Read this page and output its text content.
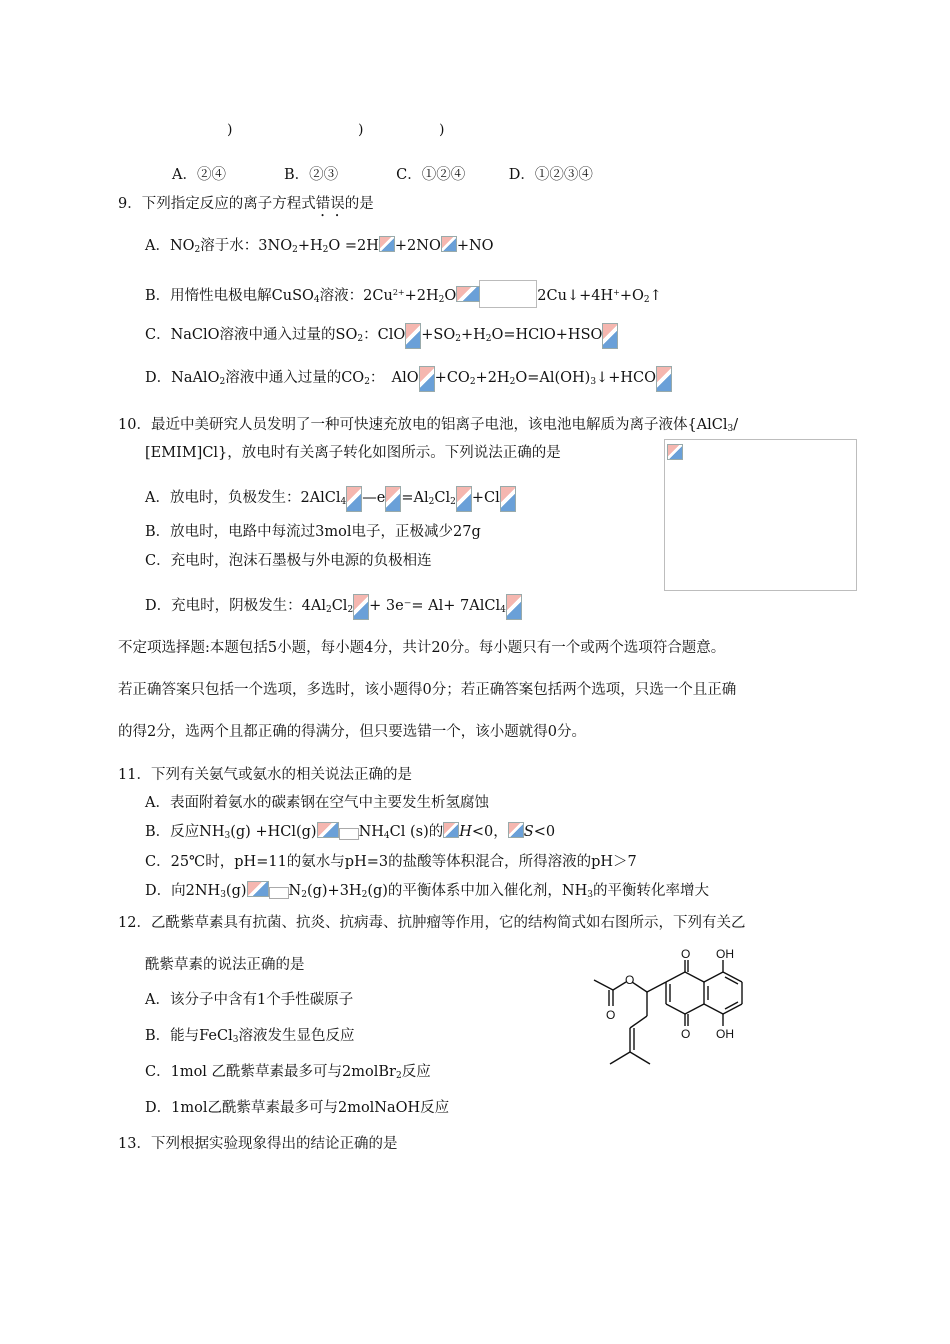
)	)	)
A．②④　　　　B．②③　　　　C．①②④　　　D．①②③④
9．下列指定反应的离子方程式错误的是
A．$NO_2$溶于水：$3NO_2+H_2O =2H +2NO +NO$
B．用惰性电极电解CuSO$_4$溶液：$2Cu^{2+}+2H_2O$	$2Cu↓+4H^++O_2↑$
C．NaClO溶液中通入过量的$SO_2$：ClO $+SO_2+H_2O=HClO+HSO$
D．NaAlO$_2$溶液中通入过量的$CO_2$：　AlO $+CO_2+2H_2O=Al(OH)_3↓+HCO$
10．最近中美研究人员发明了一种可快速充放电的铝离子电池，该电池电解质为离子液体{AlCl$_3$/
[EMIM]Cl}，放电时有关离子转化如图所示。下列说法正确的是
A．放电时，负极发生：2AlCl$_4$ —e $=Al_2Cl_2 +Cl$
B．放电时，电路中每流过3mol电子，正极减少27g
C．充电时，泡沫石墨极与外电源的负极相连
D．充电时，阴极发生：$4Al_2Cl_2 + 3e^-= Al+$ 7AlCl$_4$
不定项选择题:本题包括5小题，每小题4分，共计20分。每小题只有一个或两个选项符合题意。
若正确答案只包括一个选项，多选时，该小题得0分；若正确答案包括两个选项，只选一个且正确
的得2分，选两个且都正确的得满分，但只要选错一个，该小题就得0分。
11．下列有关氨气或氨水的相关说法正确的是
A．表面附着氨水的碳素钢在空气中主要发生析氢腐蚀
B．反应$NH_3(g) +HCl(g)$	$NH_4Cl$ (s)的 H<0， S<0
C．25℃时，pH=11的氨水与pH=3的盐酸等体积混合，所得溶液的pH＞7
D．向$2NH_3(g)$	$N_2(g)+3H_2(g)$的平衡体系中加入催化剂，$NH_3$的平衡转化率增大
12．乙酰紫草素具有抗菌、抗炎、抗病毒、抗肿瘤等作用，它的结构简式如右图所示，下列有关乙
酰紫草素的说法正确的是
A．该分子中含有1个手性碳原子
B．能与FeCl$_3$溶液发生显色反应
C．1mol 乙酰紫草素最多可与2molBr$_2$反应
D．1mol乙酰紫草素最多可与2molNaOH反应
O
O
OH
OH
O
O
13．下列根据实验现象得出的结论正确的是
